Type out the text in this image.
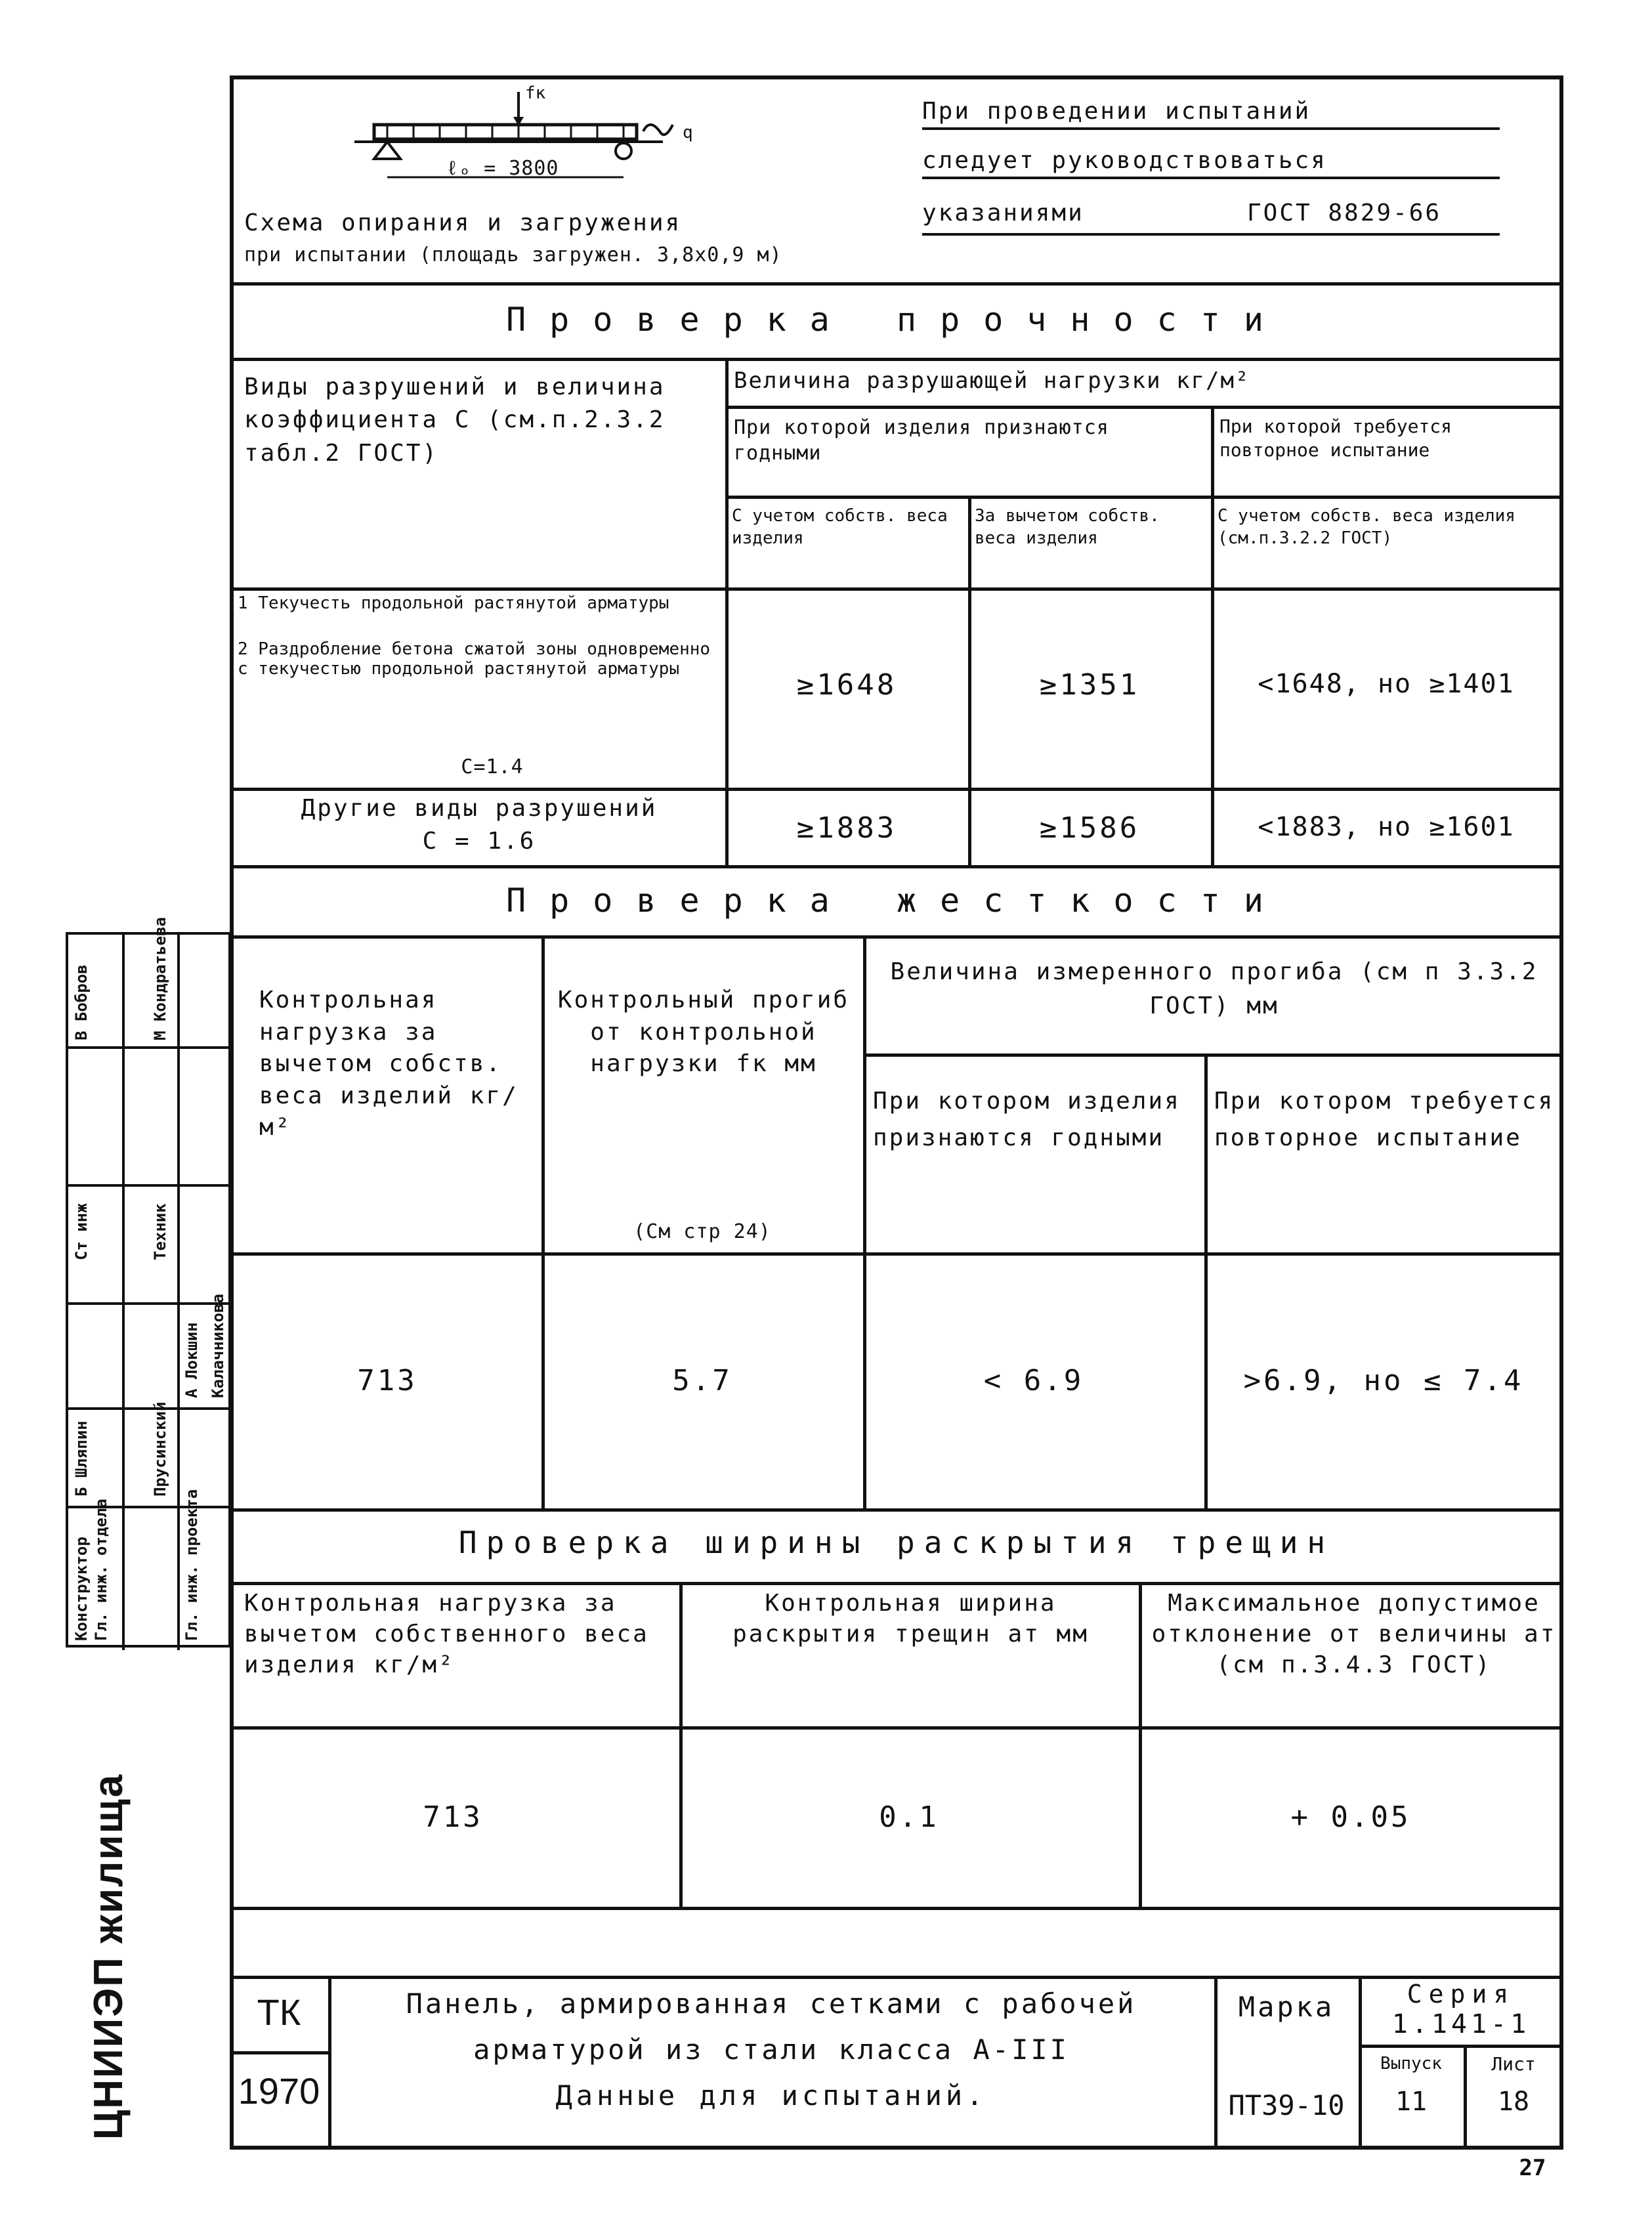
fк
q
ℓₒ = 3800
Схема опирания и загружения
при испытании (площадь загружен. 3,8х0,9 м)
При проведении испытаний
следует руководствоваться
указаниями	ГОСТ 8829-66
Проверка прочности
Виды разрушений и величина коэффициента С (см.п.2.3.2 табл.2 ГОСТ)
Величина разрушающей нагрузки кг/м²
При которой изделия признаются годными
При которой требуется повторное испытание
С учетом собств. веса изделия
За вычетом собств. веса изделия
С учетом собств. веса изделия (см.п.3.2.2 ГОСТ)
1 Текучесть продольной растянутой арматуры
2 Раздробление бетона сжатой зоны одновременно с текучестью продольной растянутой арматуры
С=1.4
≥1648	≥1351	<1648, но ≥1401
Другие виды разрушений
С = 1.6	≥1883	≥1586	<1883, но ≥1601
Проверка жесткости
Контрольная нагрузка за вычетом собств. веса изделий кг/м²
Контрольный прогиб от контрольной нагрузки fк мм
(См стр 24)
Величина измеренного прогиба (см п 3.3.2 ГОСТ) мм
При котором изделия признаются годными
При котором требуется повторное испытание
713	5.7	< 6.9	>6.9, но ≤ 7.4
Проверка ширины раскрытия трещин
Контрольная нагрузка за вычетом собственного веса изделия кг/м²
Контрольная ширина раскрытия трещин aт мм
Максимальное допустимое отклонение от величины aт (см п.3.4.3 ГОСТ)
713	0.1	+ 0.05
ТК
1970
Панель, армированная сетками с рабочей
арматурой из стали класса А-III
Данные для испытаний.
Марка
ПТ39-10
Серия
1.141-1
Выпуск
11
Лист
18
27
Конструктор Гл. инж. отдела
Б Шляпин
Гл. инж. проекта
Прусинский
А Локшин Калачникова
Ст инж	Техник
В Бобров	М Кондратьева
ЦНИИЭП жилища
